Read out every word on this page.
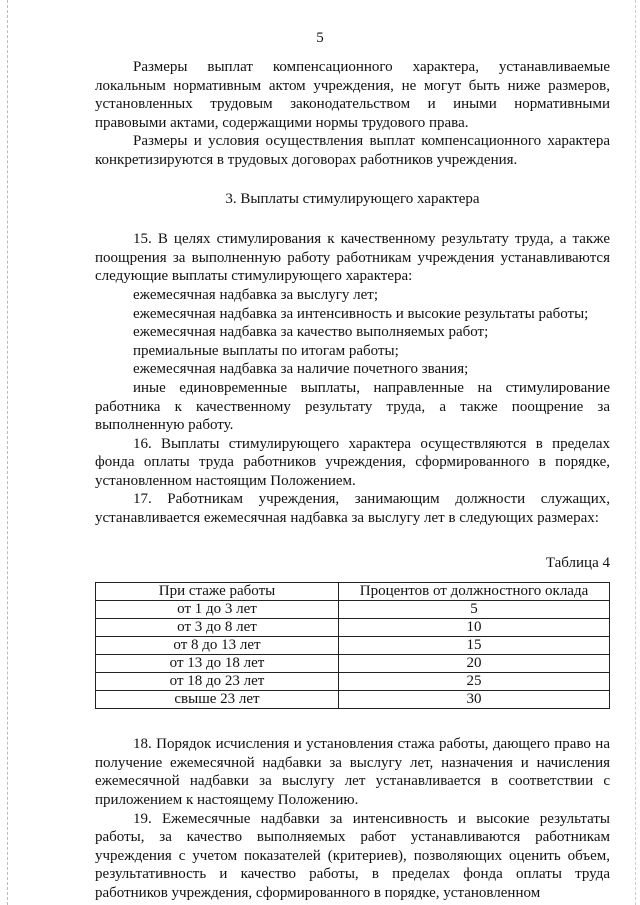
5

Размеры выплат компенсационного характера, устанавливаемые локальным нормативным актом учреждения, не могут быть ниже размеров, установленных трудовым законодательством и иными нормативными правовыми актами, содержащими нормы трудового права.

Размеры и условия осуществления выплат компенсационного характера конкретизируются в трудовых договорах работников учреждения.

3. Выплаты стимулирующего характера

15. В целях стимулирования к качественному результату труда, а также поощрения за выполненную работу работникам учреждения устанавливаются следующие выплаты стимулирующего характера:

ежемесячная надбавка за выслугу лет;

ежемесячная надбавка за интенсивность и высокие результаты работы;

ежемесячная надбавка за качество выполняемых работ;

премиальные выплаты по итогам работы;

ежемесячная надбавка за наличие почетного звания;

иные единовременные выплаты, направленные на стимулирование работника к качественному результату труда, а также поощрение за выполненную работу.

16. Выплаты стимулирующего характера осуществляются в пределах фонда оплаты труда работников учреждения, сформированного в порядке, установленном настоящим Положением.

17. Работникам учреждения, занимающим должности служащих, устанавливается ежемесячная надбавка за выслугу лет в следующих размерах:

Таблица 4
При стаже работы	Процентов от должностного оклада
от 1 до 3 лет	5
от 3 до 8 лет	10
от 8 до 13 лет	15
от 13 до 18 лет	20
от 18 до 23 лет	25
свыше 23 лет	30

18. Порядок исчисления и установления стажа работы, дающего право на получение ежемесячной надбавки за выслугу лет, назначения и начисления ежемесячной надбавки за выслугу лет устанавливается в соответствии с приложением к настоящему Положению.

19. Ежемесячные надбавки за интенсивность и высокие результаты работы, за качество выполняемых работ устанавливаются работникам учреждения с учетом показателей (критериев), позволяющих оценить объем, результативность и качество работы, в пределах фонда оплаты труда работников учреждения, сформированного в порядке, установленном
